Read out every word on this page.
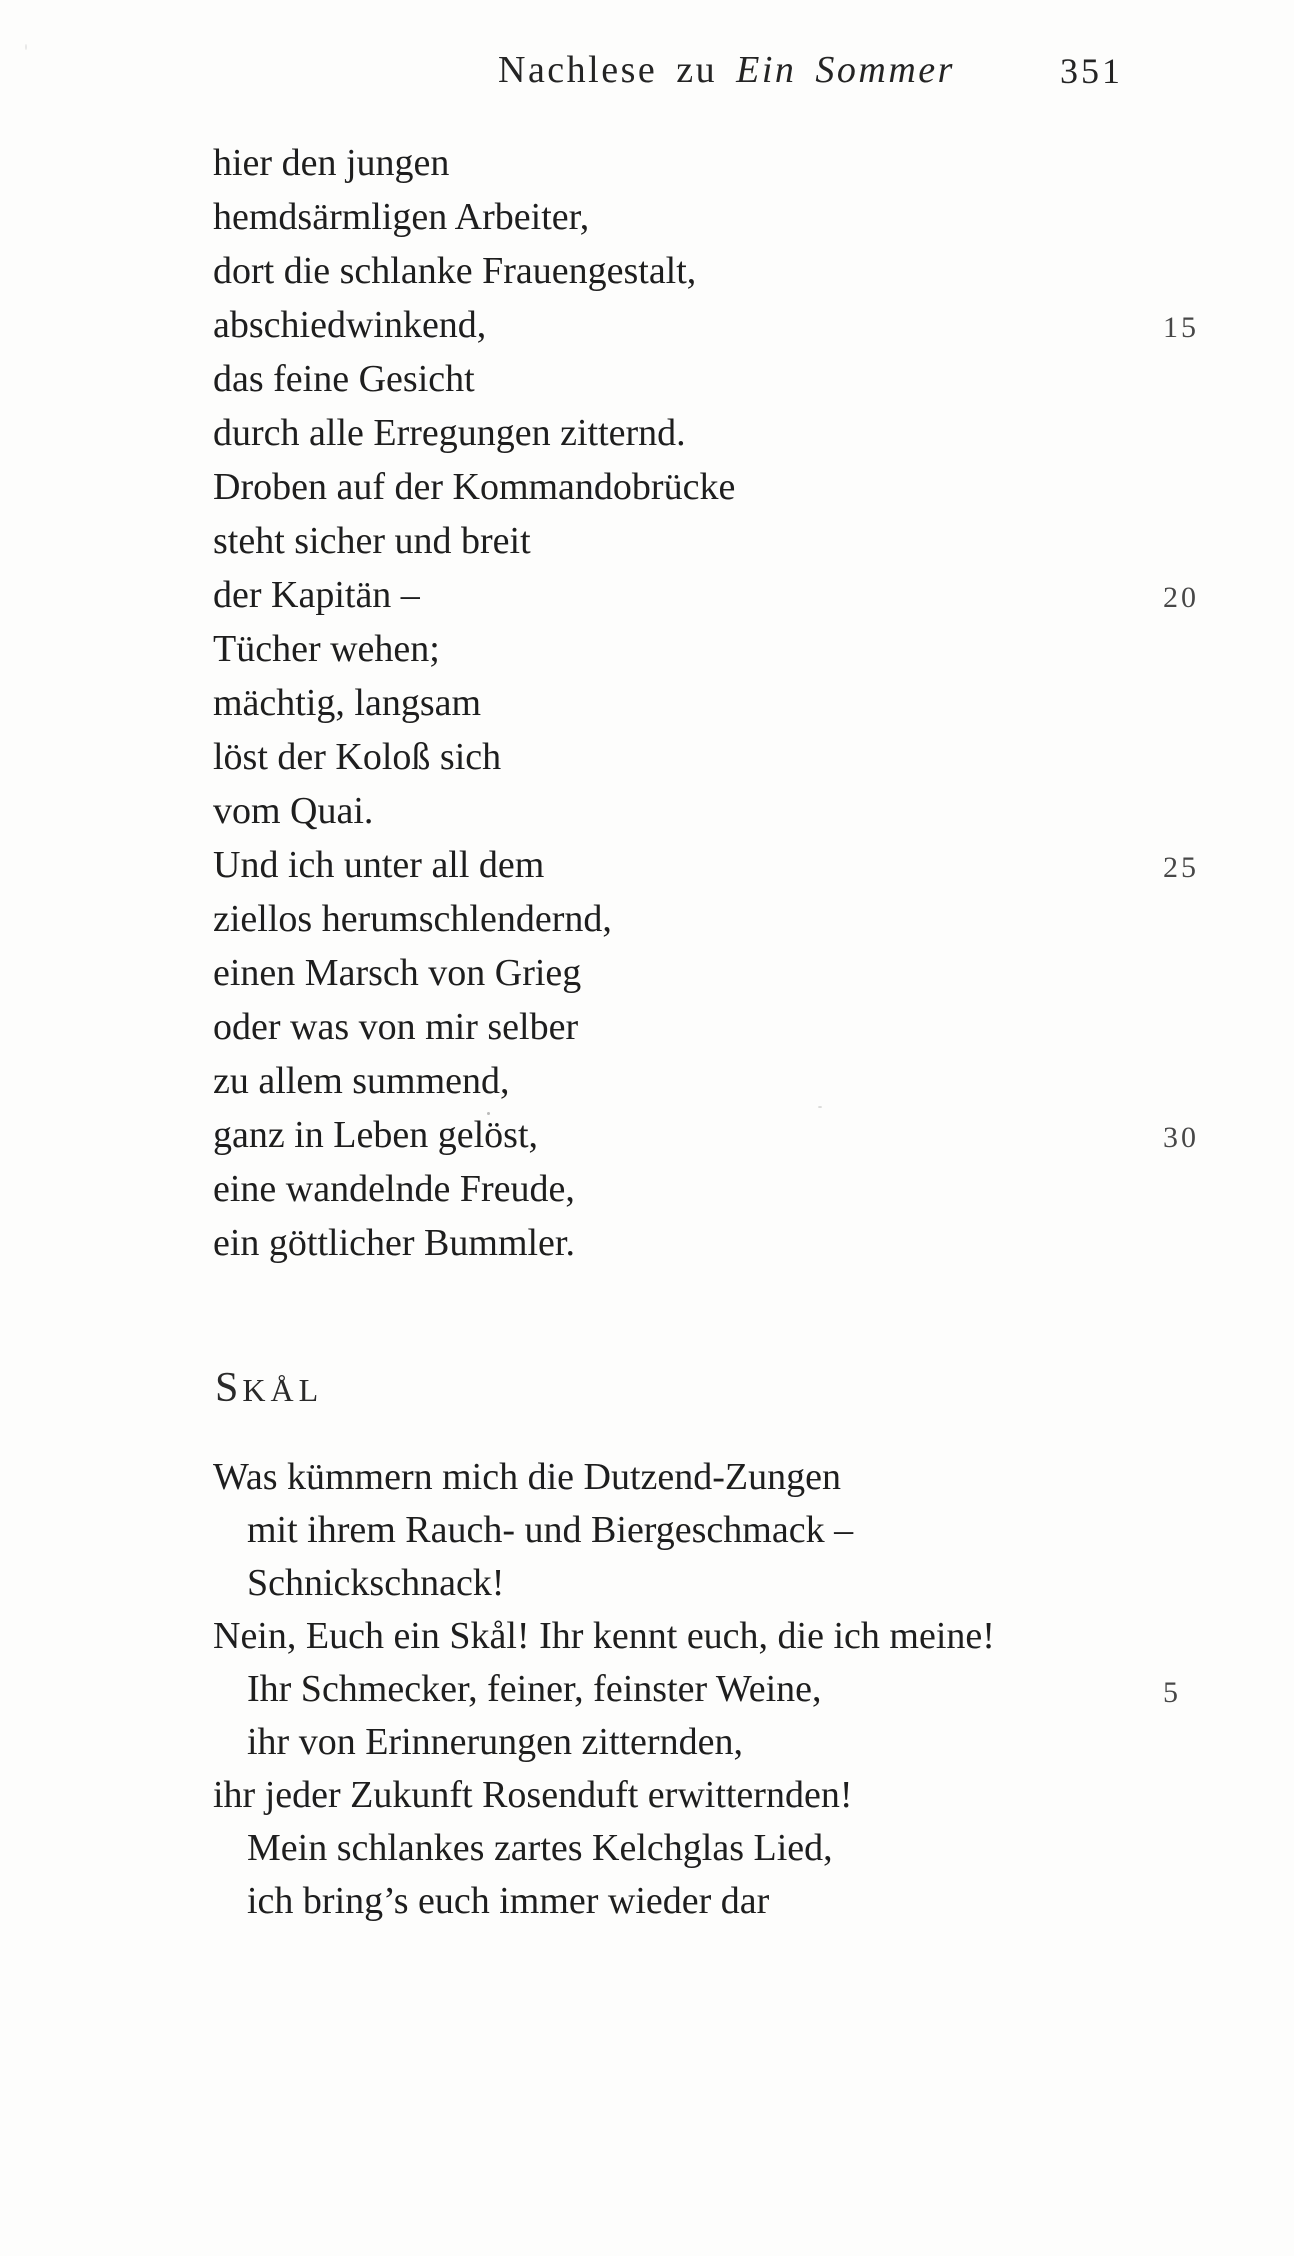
Nachlese zu Ein Sommer	351
hier den jungen
hemdsärmligen Arbeiter,
dort die schlanke Frauengestalt,
abschiedwinkend,	15
das feine Gesicht
durch alle Erregungen zitternd.
Droben auf der Kommandobrücke
steht sicher und breit
der Kapitän –	20
Tücher wehen;
mächtig, langsam
löst der Koloß sich
vom Quai.
Und ich unter all dem	25
ziellos herumschlendernd,
einen Marsch von Grieg
oder was von mir selber
zu allem summend,
ganz in Leben gelöst,	30
eine wandelnde Freude,
ein göttlicher Bummler.
SKÅL
Was kümmern mich die Dutzend-Zungen
mit ihrem Rauch- und Biergeschmack –
Schnickschnack!
Nein, Euch ein Skål! Ihr kennt euch, die ich meine!
Ihr Schmecker, feiner, feinster Weine,	5
ihr von Erinnerungen zitternden,
ihr jeder Zukunft Rosenduft erwitternden!
Mein schlankes zartes Kelchglas Lied,
ich bring’s euch immer wieder dar
